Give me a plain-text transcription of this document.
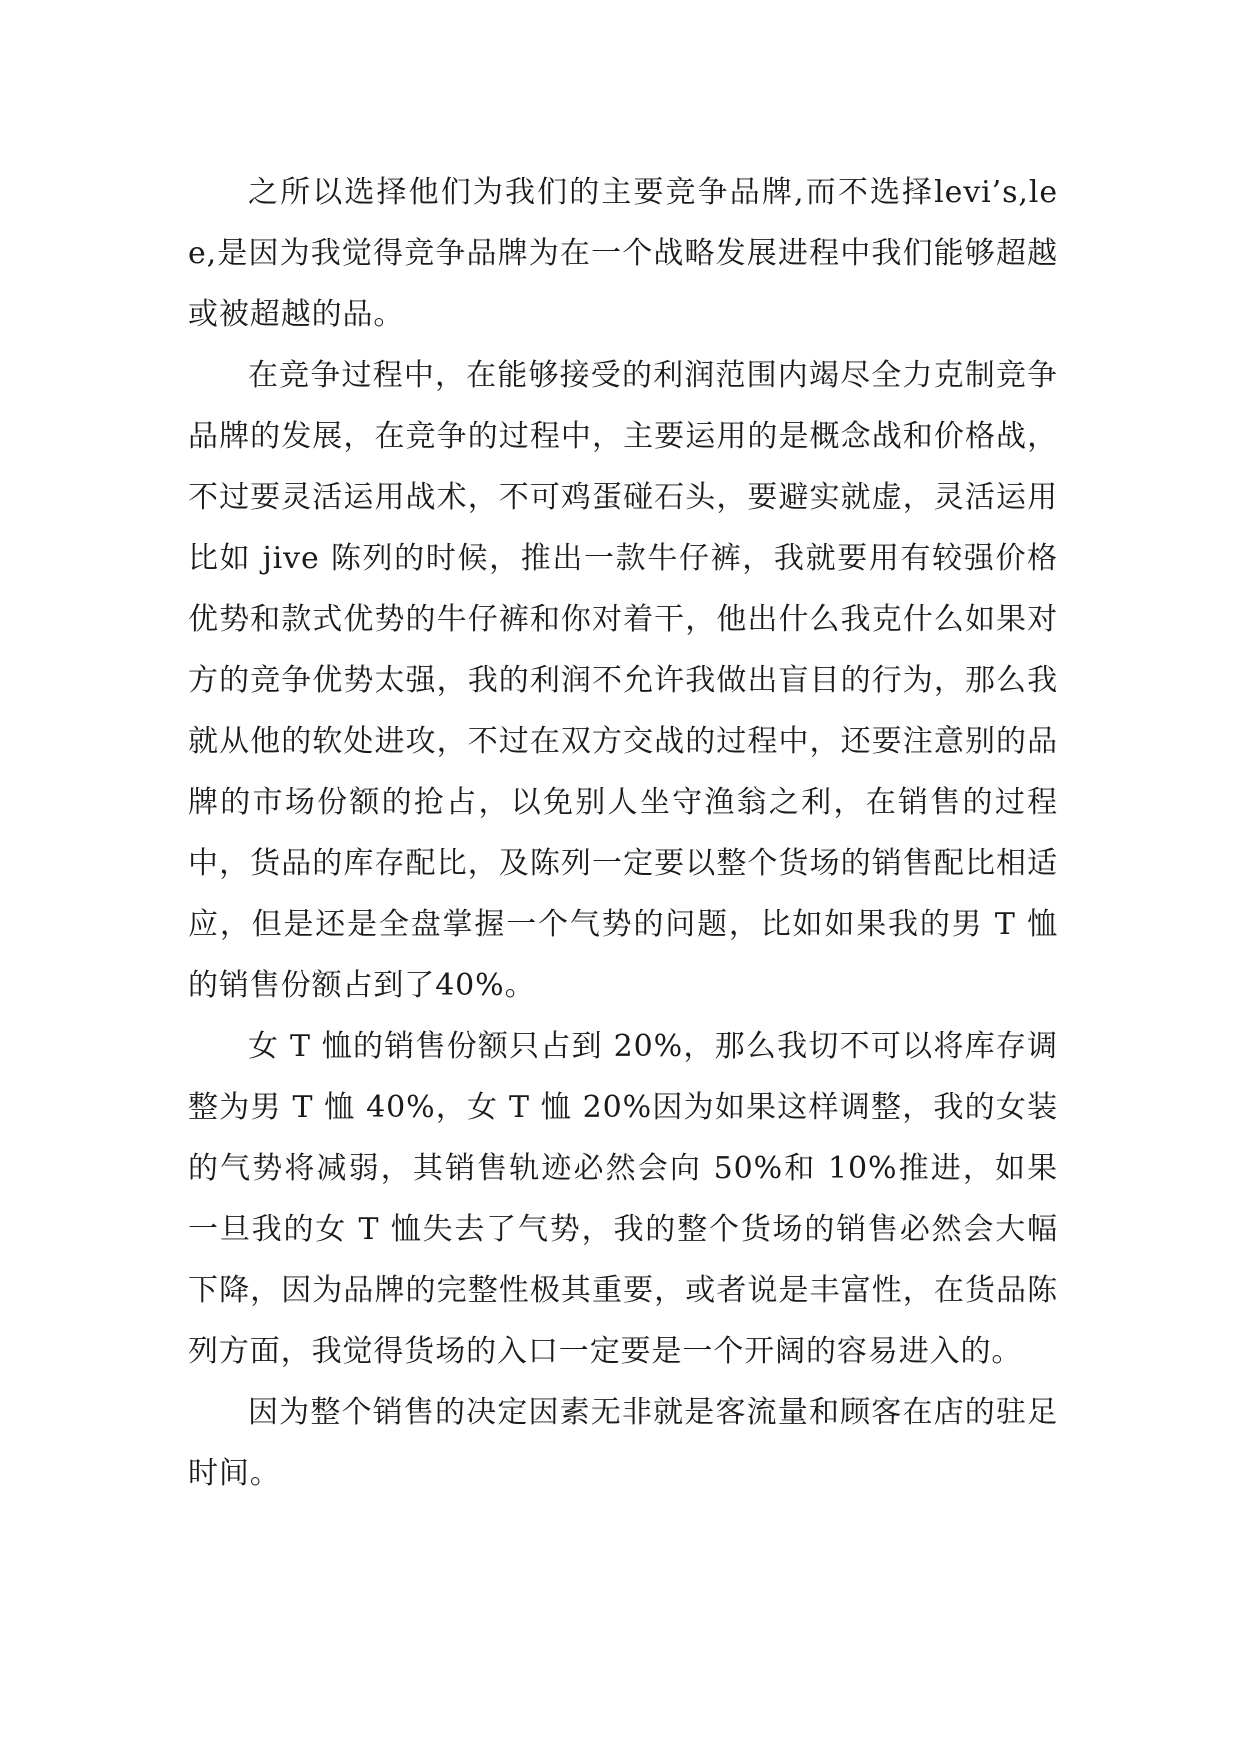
之所以选择他们为我们的主要竞争品牌,而不选择levi’s,lee,是因为我觉得竞争品牌为在一个战略发展进程中我们能够超越或被超越的品。

在竞争过程中，在能够接受的利润范围内竭尽全力克制竞争品牌的发展，在竞争的过程中，主要运用的是概念战和价格战，不过要灵活运用战术，不可鸡蛋碰石头，要避实就虚，灵活运用比如 jive 陈列的时候，推出一款牛仔裤，我就要用有较强价格优势和款式优势的牛仔裤和你对着干，他出什么我克什么如果对方的竞争优势太强，我的利润不允许我做出盲目的行为，那么我就从他的软处进攻，不过在双方交战的过程中，还要注意别的品牌的市场份额的抢占，以免别人坐守渔翁之利，在销售的过程中，货品的库存配比，及陈列一定要以整个货场的销售配比相适应，但是还是全盘掌握一个气势的问题，比如如果我的男 T 恤的销售份额占到了40%。

女 T 恤的销售份额只占到 20%，那么我切不可以将库存调整为男 T 恤 40%，女 T 恤 20%因为如果这样调整，我的女装的气势将减弱，其销售轨迹必然会向 50%和 10%推进，如果一旦我的女 T 恤失去了气势，我的整个货场的销售必然会大幅下降，因为品牌的完整性极其重要，或者说是丰富性，在货品陈列方面，我觉得货场的入口一定要是一个开阔的容易进入的。

因为整个销售的决定因素无非就是客流量和顾客在店的驻足时间。
